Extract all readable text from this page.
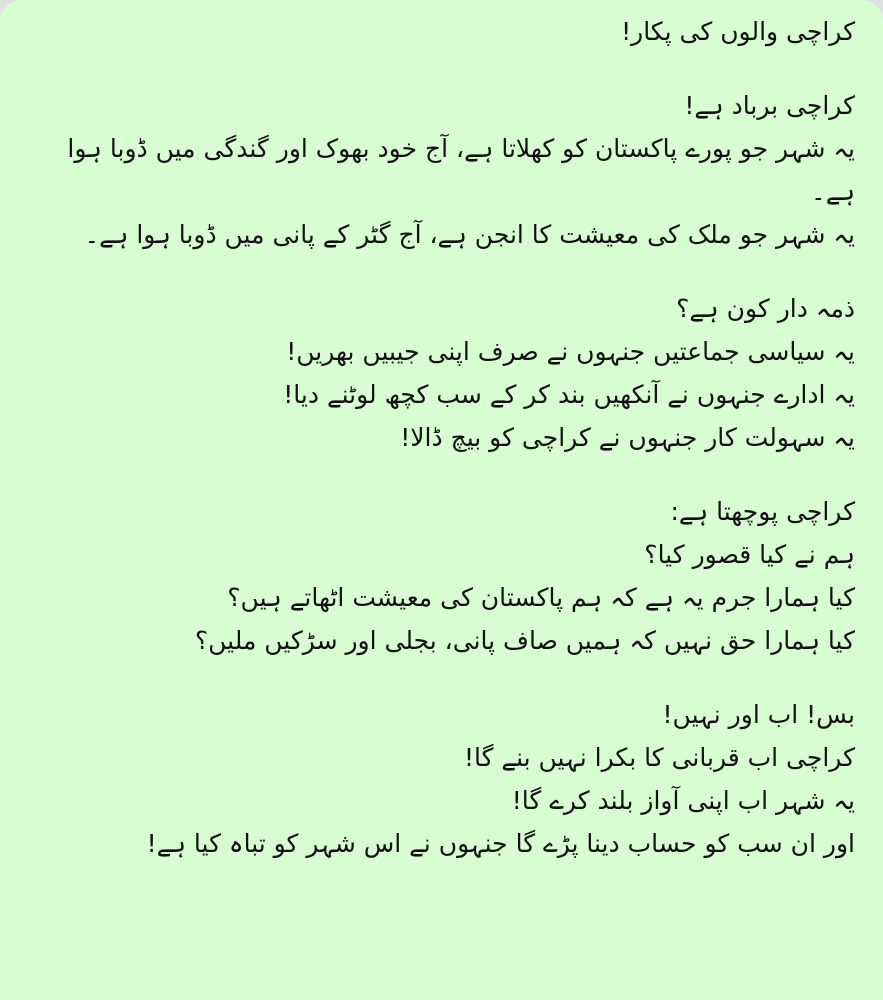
کراچی والوں کی پکار!
کراچی برباد ہے!
یہ شہر جو پورے پاکستان کو کھلاتا ہے، آج خود بھوک اور گندگی میں ڈوبا ہوا ہے۔
یہ شہر جو ملک کی معیشت کا انجن ہے، آج گٹر کے پانی میں ڈوبا ہوا ہے۔
ذمہ دار کون ہے؟
یہ سیاسی جماعتیں جنہوں نے صرف اپنی جیبیں بھریں!
یہ ادارے جنہوں نے آنکھیں بند کر کے سب کچھ لوٹنے دیا!
یہ سہولت کار جنہوں نے کراچی کو بیچ ڈالا!
کراچی پوچھتا ہے:
ہم نے کیا قصور کیا؟
کیا ہمارا جرم یہ ہے کہ ہم پاکستان کی معیشت اٹھاتے ہیں؟
کیا ہمارا حق نہیں کہ ہمیں صاف پانی، بجلی اور سڑکیں ملیں؟
بس! اب اور نہیں!
کراچی اب قربانی کا بکرا نہیں بنے گا!
یہ شہر اب اپنی آواز بلند کرے گا!
اور ان سب کو حساب دینا پڑے گا جنہوں نے اس شہر کو تباہ کیا ہے!
